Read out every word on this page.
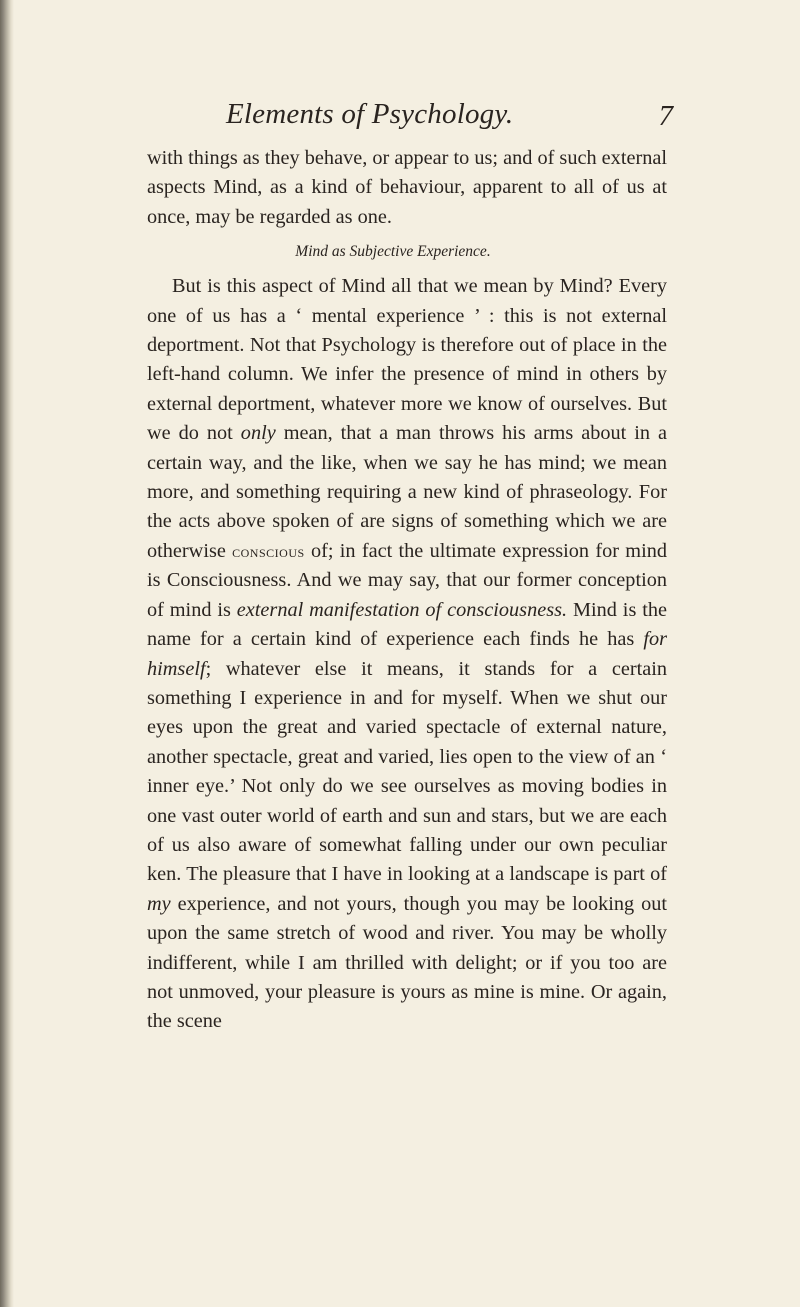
Elements of Psychology.	7

with things as they behave, or appear to us; and of such external aspects Mind, as a kind of behaviour, apparent to all of us at once, may be regarded as one.

Mind as Subjective Experience.

But is this aspect of Mind all that we mean by Mind? Every one of us has a ‘ mental experience ’ : this is not external deportment. Not that Psychology is therefore out of place in the left-hand column. We infer the presence of mind in others by external deportment, whatever more we know of ourselves. But we do not only mean, that a man throws his arms about in a certain way, and the like, when we say he has mind; we mean more, and something requiring a new kind of phraseology. For the acts above spoken of are signs of something which we are otherwise conscious of; in fact the ultimate expression for mind is Consciousness. And we may say, that our former conception of mind is external manifestation of consciousness. Mind is the name for a certain kind of experience each finds he has for himself; whatever else it means, it stands for a certain something I experience in and for myself. When we shut our eyes upon the great and varied spectacle of external nature, another spectacle, great and varied, lies open to the view of an ‘ inner eye.’ Not only do we see ourselves as moving bodies in one vast outer world of earth and sun and stars, but we are each of us also aware of somewhat falling under our own peculiar ken. The pleasure that I have in looking at a landscape is part of my experience, and not yours, though you may be looking out upon the same stretch of wood and river. You may be wholly indifferent, while I am thrilled with delight; or if you too are not unmoved, your pleasure is yours as mine is mine. Or again, the scene
